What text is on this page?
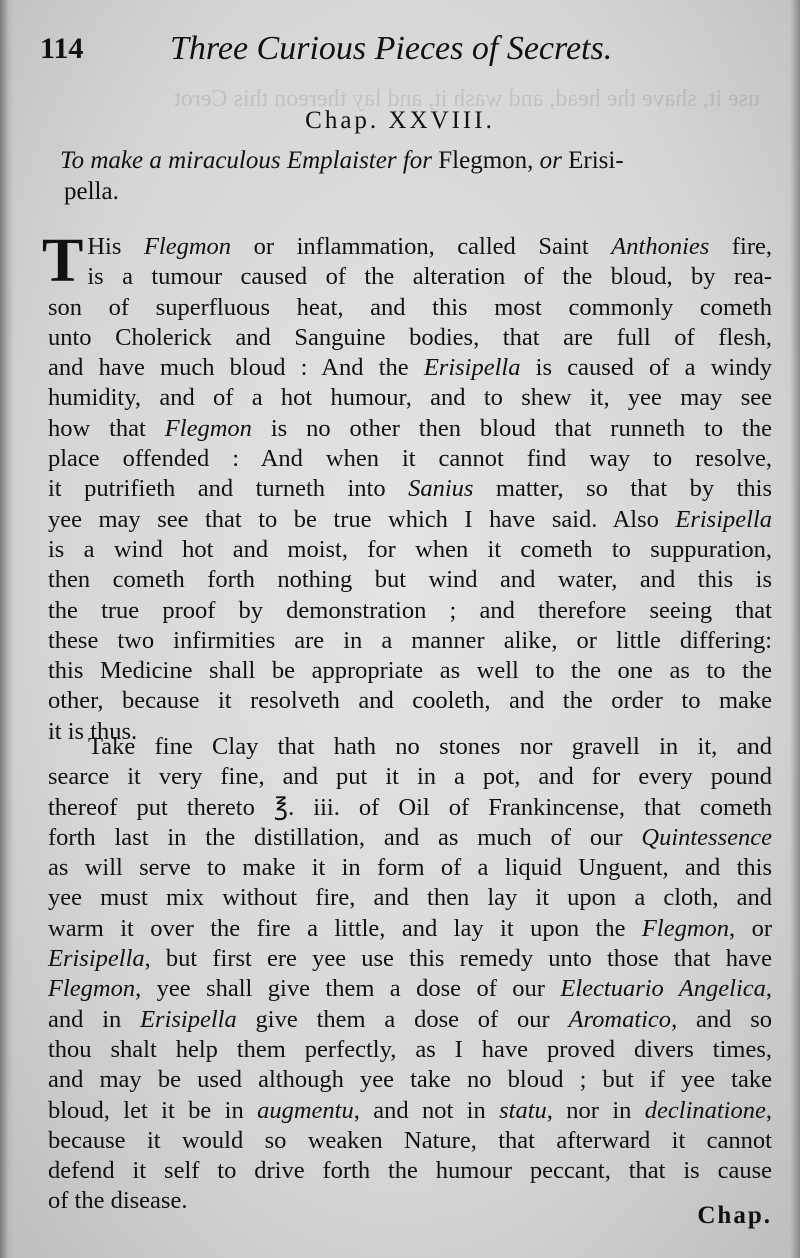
use it, shave the head, and wash it, and lay thereon this Cerot
114	Three Curious Pieces of Secrets.
Chap. XXVIII.
To make a miraculous Emplaister for Flegmon, or Erisi-
pella.
T His Flegmon or inflammation, called Saint Anthonies fire,
is a tumour caused of the alteration of the bloud, by rea-
son of superfluous heat, and this most commonly cometh
unto Cholerick and Sanguine bodies, that are full of flesh,
and have much bloud : And the Erisipella is caused of a windy
humidity, and of a hot humour, and to shew it, yee may see
how that Flegmon is no other then bloud that runneth to the
place offended : And when it cannot find way to resolve,
it putrifieth and turneth into Sanius matter, so that by this
yee may see that to be true which I have said. Also Erisipella
is a wind hot and moist, for when it cometh to suppuration,
then cometh forth nothing but wind and water, and this is
the true proof by demonstration ; and therefore seeing that
these two infirmities are in a manner alike, or little differing:
this Medicine shall be appropriate as well to the one as to the
other, because it resolveth and cooleth, and the order to make
it is thus.
Take fine Clay that hath no stones nor gravell in it, and
searce it very fine, and put it in a pot, and for every pound
thereof put thereto ℥. iii. of Oil of Frankincense, that cometh
forth last in the distillation, and as much of our Quintessence
as will serve to make it in form of a liquid Unguent, and this
yee must mix without fire, and then lay it upon a cloth, and
warm it over the fire a little, and lay it upon the Flegmon, or
Erisipella, but first ere yee use this remedy unto those that have
Flegmon, yee shall give them a dose of our Electuario Angelica,
and in Erisipella give them a dose of our Aromatico, and so
thou shalt help them perfectly, as I have proved divers times,
and may be used although yee take no bloud ; but if yee take
bloud, let it be in augmentu, and not in statu, nor in declinatione,
because it would so weaken Nature, that afterward it cannot
defend it self to drive forth the humour peccant, that is cause
of the disease.
Chap.
